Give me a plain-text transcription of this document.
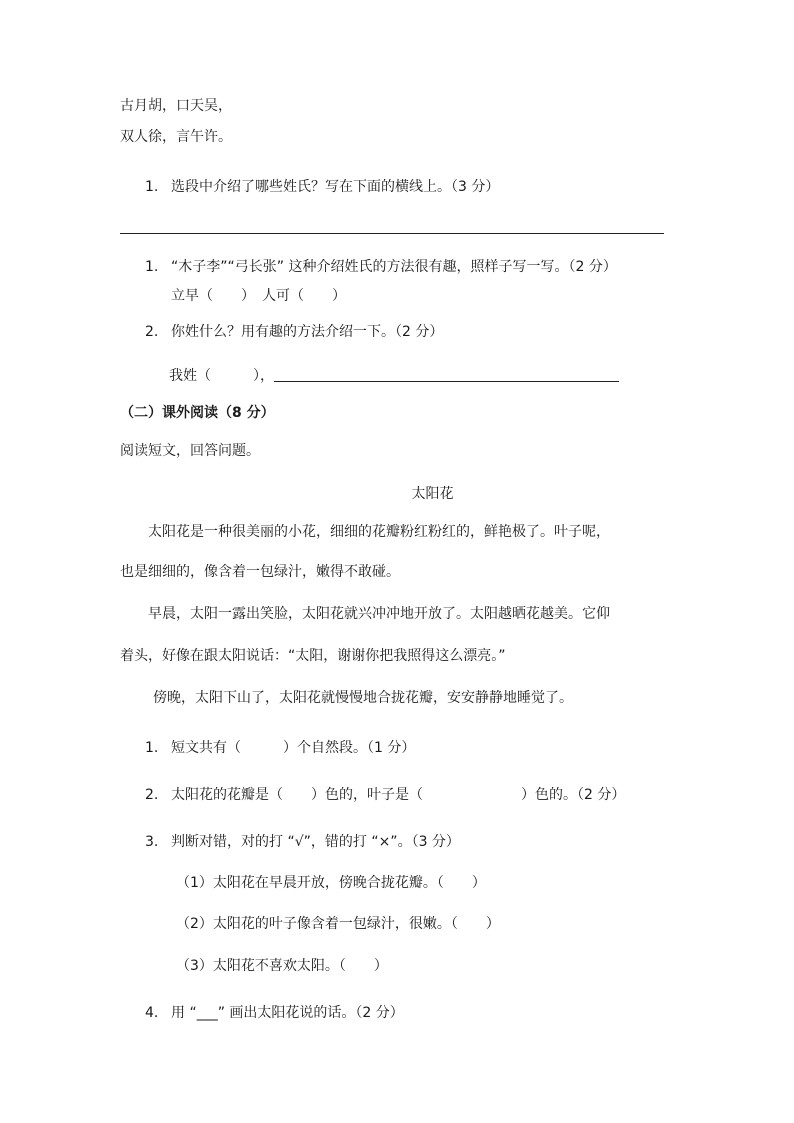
古月胡，口天吴，
双人徐，言午许。
1. 选段中介绍了哪些姓氏？写在下面的横线上。（3 分）
1. “木子李”“弓长张” 这种介绍姓氏的方法很有趣，照样子写一写。（2 分）
立早（　　）　人可（　　）
2. 你姓什么？用有趣的方法介绍一下。（2 分）
我姓（　　　），
（二）课外阅读（8 分）
阅读短文，回答问题。
太阳花
太阳花是一种很美丽的小花，细细的花瓣粉红粉红的，鲜艳极了。叶子呢，
也是细细的，像含着一包绿汁，嫩得不敢碰。
早晨，太阳一露出笑脸，太阳花就兴冲冲地开放了。太阳越晒花越美。它仰
着头，好像在跟太阳说话：“太阳，谢谢你把我照得这么漂亮。”
傍晚，太阳下山了，太阳花就慢慢地合拢花瓣，安安静静地睡觉了。
1. 短文共有（　　　）个自然段。（1 分）
2. 太阳花的花瓣是（　　）色的，叶子是（　　　　　　　）色的。（2 分）
3. 判断对错，对的打 “√”，错的打 “×”。（3 分）
（1）太阳花在早晨开放，傍晚合拢花瓣。（　　）
（2）太阳花的叶子像含着一包绿汁，很嫩。（　　）
（3）太阳花不喜欢太阳。（　　）
4. 用 “___” 画出太阳花说的话。（2 分）
